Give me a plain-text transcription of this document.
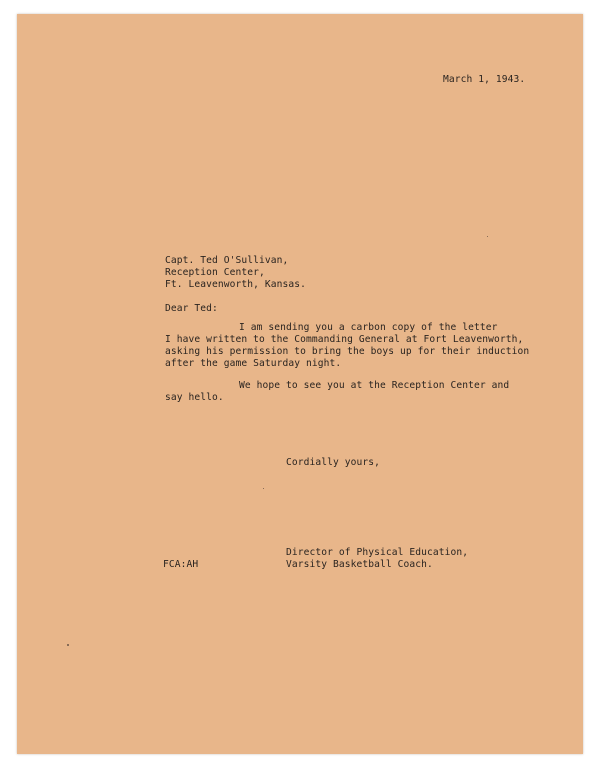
March 1, 1943.
Capt. Ted O'Sullivan,
Reception Center,
Ft. Leavenworth, Kansas.
Dear Ted:
I am sending you a carbon copy of the letter
I have written to the Commanding General at Fort Leavenworth,
asking his permission to bring the boys up for their induction
after the game Saturday night.
We hope to see you at the Reception Center and
say hello.
Cordially yours,
Director of Physical Education,
Varsity Basketball Coach.
FCA:AH
